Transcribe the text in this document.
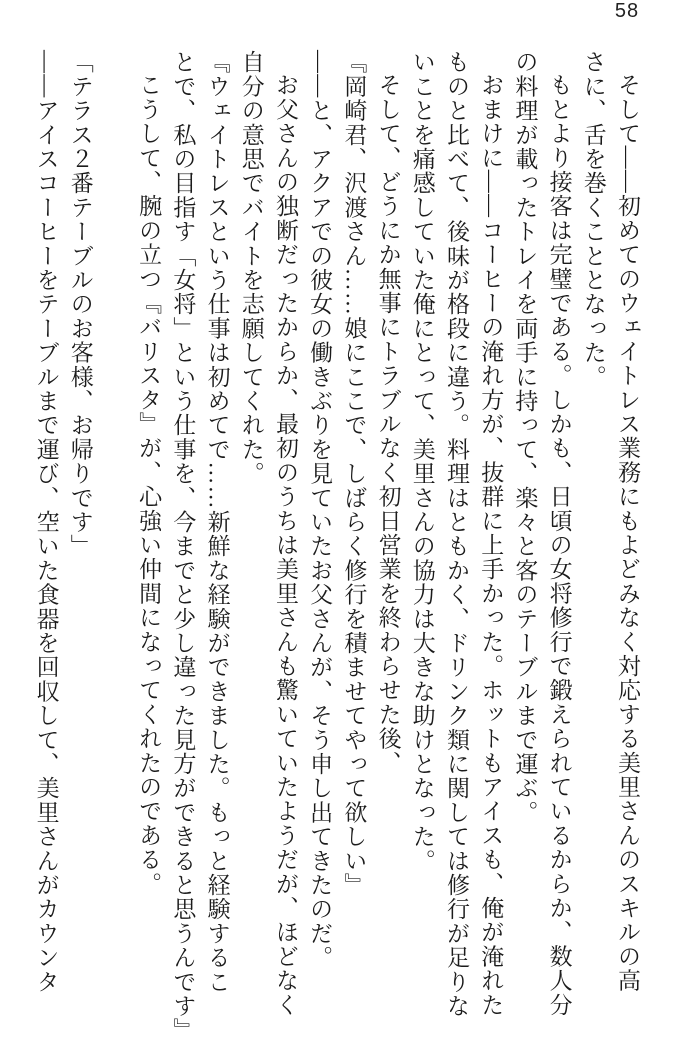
58

そして――初めてのウェイトレス業務にもよどみなく対応する美里さんのスキルの高

さに、舌を巻くこととなった。

もとより接客は完璧である。しかも、日頃の女将修行で鍛えられているからか、数人分

の料理が載ったトレイを両手に持って、楽々と客のテーブルまで運ぶ。

おまけに――コーヒーの淹れ方が、抜群に上手かった。ホットもアイスも、俺が淹れた

ものと比べて、後味が格段に違う。料理はともかく、ドリンク類に関しては修行が足りな

いことを痛感していた俺にとって、美里さんの協力は大きな助けとなった。

そして、どうにか無事にトラブルなく初日営業を終わらせた後、

『岡崎君、沢渡さん……娘にここで、しばらく修行を積ませてやって欲しい』

――と、アクアでの彼女の働きぶりを見ていたお父さんが、そう申し出てきたのだ。

お父さんの独断だったからか、最初のうちは美里さんも驚いていたようだが、ほどなく

自分の意思でバイトを志願してくれた。

『ウェイトレスという仕事は初めてで……新鮮な経験ができました。もっと経験するこ

とで、私の目指す「女将」という仕事を、今までと少し違った見方ができると思うんです』

こうして、腕の立つ『バリスタ』が、心強い仲間になってくれたのである。

「テラス２番テーブルのお客様、お帰りです」

――アイスコーヒーをテーブルまで運び、空いた食器を回収して、美里さんがカウンタ
